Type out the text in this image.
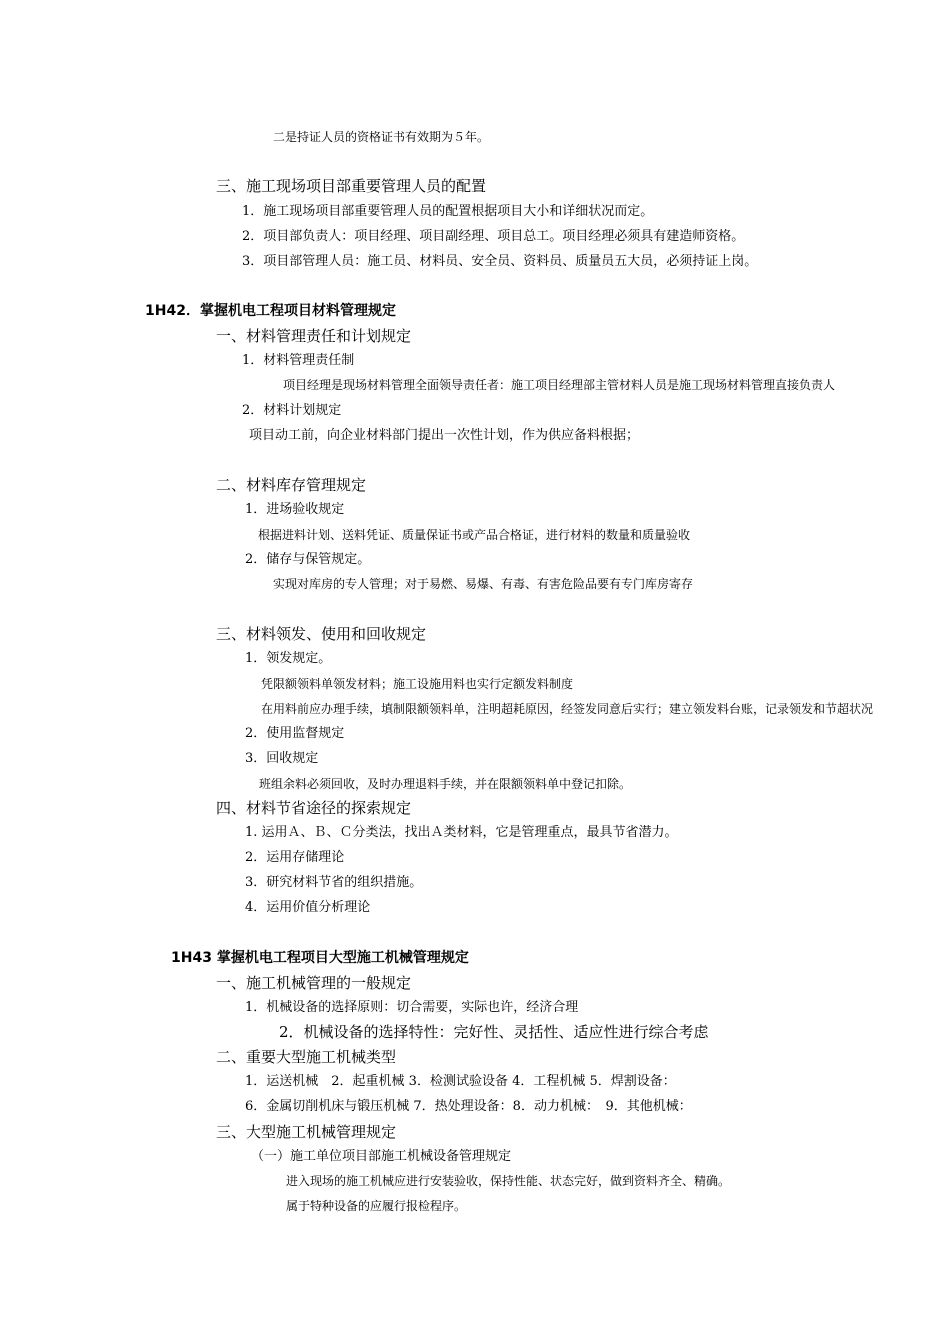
二是持证人员的资格证书有效期为５年。
三、施工现场项目部重要管理人员的配置
1．施工现场项目部重要管理人员的配置根据项目大小和详细状况而定。
2．项目部负责人：项目经理、项目副经理、项目总工。项目经理必须具有建造师资格。
3．项目部管理人员：施工员、材料员、安全员、资料员、质量员五大员，必须持证上岗。
1H42．掌握机电工程项目材料管理规定
一、材料管理责任和计划规定
1．材料管理责任制
项目经理是现场材料管理全面领导责任者：施工项目经理部主管材料人员是施工现场材料管理直接负责人
2．材料计划规定
项目动工前，向企业材料部门提出一次性计划，作为供应备料根据；
二、材料库存管理规定
1．进场验收规定
根据进料计划、送料凭证、质量保证书或产品合格证，进行材料的数量和质量验收
2．储存与保管规定。
实现对库房的专人管理；对于易燃、易爆、有毒、有害危险品要有专门库房寄存
三、材料领发、使用和回收规定
1．领发规定。
凭限额领料单领发材料；施工设施用料也实行定额发料制度
在用料前应办理手续，填制限额领料单，注明超耗原因，经签发同意后实行；建立领发料台账，记录领发和节超状况
2．使用监督规定
3．回收规定
班组余料必须回收，及时办理退料手续，并在限额领料单中登记扣除。
四、材料节省途径的探索规定
1. 运用Ａ、Ｂ、Ｃ分类法，找出Ａ类材料，它是管理重点，最具节省潜力。
2．运用存储理论
3．研究材料节省的组织措施。
4．运用价值分析理论
1H43 掌握机电工程项目大型施工机械管理规定
一、施工机械管理的一般规定
1．机械设备的选择原则：切合需要，实际也许，经济合理
2．机械设备的选择特性：完好性、灵括性、适应性进行综合考虑
二、重要大型施工机械类型
1．运送机械　2．起重机械 3．检测试验设备 4．工程机械 5．焊割设备：
6．金属切削机床与锻压机械 7．热处理设备：8．动力机械：　9．其他机械：
三、大型施工机械管理规定
（一）施工单位项目部施工机械设备管理规定
进入现场的施工机械应进行安装验收，保持性能、状态完好，做到资料齐全、精确。
属于特种设备的应履行报检程序。
